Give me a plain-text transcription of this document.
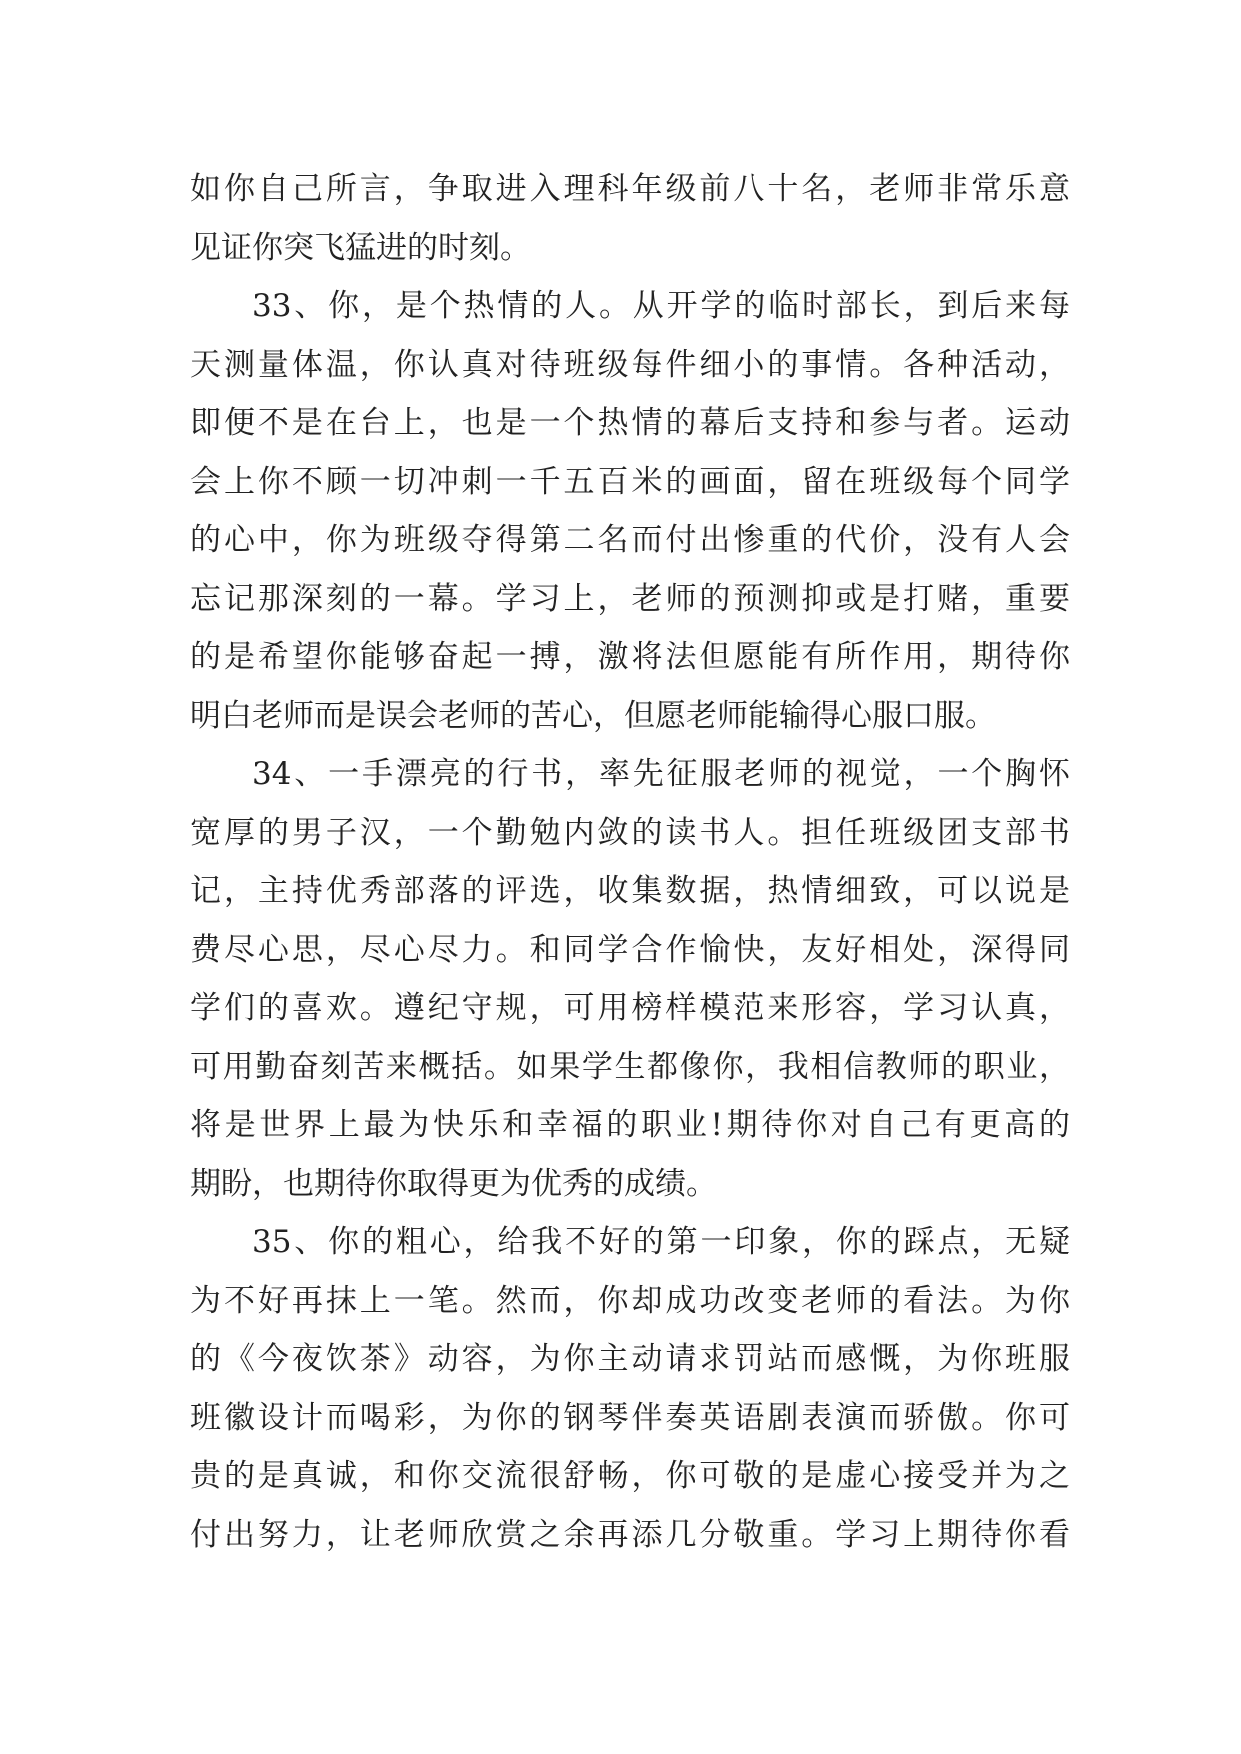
如你自己所言，争取进入理科年级前八十名，老师非常乐意
见证你突飞猛进的时刻。
33、你，是个热情的人。从开学的临时部长，到后来每
天测量体温，你认真对待班级每件细小的事情。各种活动，
即便不是在台上，也是一个热情的幕后支持和参与者。运动
会上你不顾一切冲刺一千五百米的画面，留在班级每个同学
的心中，你为班级夺得第二名而付出惨重的代价，没有人会
忘记那深刻的一幕。学习上，老师的预测抑或是打赌，重要
的是希望你能够奋起一搏，激将法但愿能有所作用，期待你
明白老师而是误会老师的苦心，但愿老师能输得心服口服。
34、一手漂亮的行书，率先征服老师的视觉，一个胸怀
宽厚的男子汉，一个勤勉内敛的读书人。担任班级团支部书
记，主持优秀部落的评选，收集数据，热情细致，可以说是
费尽心思，尽心尽力。和同学合作愉快，友好相处，深得同
学们的喜欢。遵纪守规，可用榜样模范来形容，学习认真，
可用勤奋刻苦来概括。如果学生都像你，我相信教师的职业，
将是世界上最为快乐和幸福的职业!期待你对自己有更高的
期盼，也期待你取得更为优秀的成绩。
35、你的粗心，给我不好的第一印象，你的踩点，无疑
为不好再抹上一笔。然而，你却成功改变老师的看法。为你
的《今夜饮茶》动容，为你主动请求罚站而感慨，为你班服
班徽设计而喝彩，为你的钢琴伴奏英语剧表演而骄傲。你可
贵的是真诚，和你交流很舒畅，你可敬的是虚心接受并为之
付出努力，让老师欣赏之余再添几分敬重。学习上期待你看
